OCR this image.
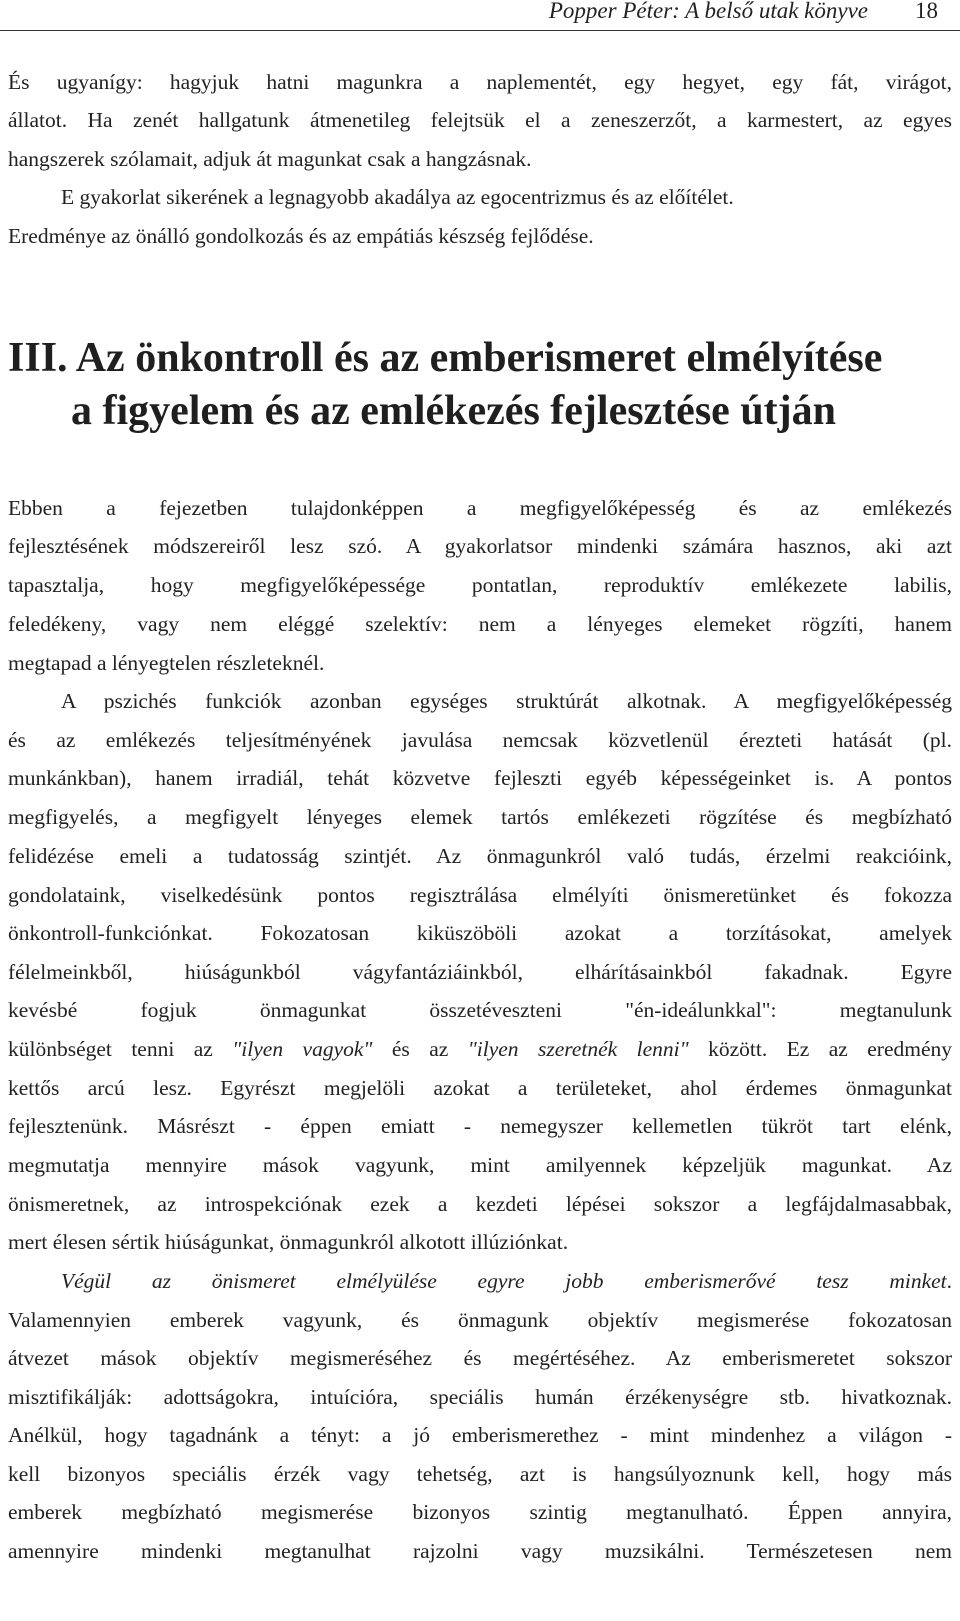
Popper Péter: A belső utak könyve 18
És ugyanígy: hagyjuk hatni magunkra a naplementét, egy hegyet, egy fát, virágot,
állatot. Ha zenét hallgatunk átmenetileg felejtsük el a zeneszerzőt, a karmestert, az egyes
hangszerek szólamait, adjuk át magunkat csak a hangzásnak.
E gyakorlat sikerének a legnagyobb akadálya az egocentrizmus és az előítélet.
Eredménye az önálló gondolkozás és az empátiás készség fejlődése.
III. Az önkontroll és az emberismeret elmélyítése
a figyelem és az emlékezés fejlesztése útján
Ebben a fejezetben tulajdonképpen a megfigyelőképesség és az emlékezés
fejlesztésének módszereiről lesz szó. A gyakorlatsor mindenki számára hasznos, aki azt
tapasztalja, hogy megfigyelőképessége pontatlan, reproduktív emlékezete labilis,
feledékeny, vagy nem eléggé szelektív: nem a lényeges elemeket rögzíti, hanem
megtapad a lényegtelen részleteknél.
A pszichés funkciók azonban egységes struktúrát alkotnak. A megfigyelőképesség
és az emlékezés teljesítményének javulása nemcsak közvetlenül érezteti hatását (pl.
munkánkban), hanem irradiál, tehát közvetve fejleszti egyéb képességeinket is. A pontos
megfigyelés, a megfigyelt lényeges elemek tartós emlékezeti rögzítése és megbízható
felidézése emeli a tudatosság szintjét. Az önmagunkról való tudás, érzelmi reakcióink,
gondolataink, viselkedésünk pontos regisztrálása elmélyíti önismeretünket és fokozza
önkontroll-funkciónkat. Fokozatosan kiküszöböli azokat a torzításokat, amelyek
félelmeinkből, hiúságunkból vágyfantáziáinkból, elhárításainkból fakadnak. Egyre
kevésbé fogjuk önmagunkat összetéveszteni "én-ideálunkkal": megtanulunk
különbséget tenni az "ilyen vagyok" és az "ilyen szeretnék lenni" között. Ez az eredmény
kettős arcú lesz. Egyrészt megjelöli azokat a területeket, ahol érdemes önmagunkat
fejlesztenünk. Másrészt - éppen emiatt - nemegyszer kellemetlen tükröt tart elénk,
megmutatja mennyire mások vagyunk, mint amilyennek képzeljük magunkat. Az
önismeretnek, az introspekciónak ezek a kezdeti lépései sokszor a legfájdalmasabbak,
mert élesen sértik hiúságunkat, önmagunkról alkotott illúziónkat.
Végül az önismeret elmélyülése egyre jobb emberismerővé tesz minket.
Valamennyien emberek vagyunk, és önmagunk objektív megismerése fokozatosan
átvezet mások objektív megismeréséhez és megértéséhez. Az emberismeretet sokszor
misztifikálják: adottságokra, intuícióra, speciális humán érzékenységre stb. hivatkoznak.
Anélkül, hogy tagadnánk a tényt: a jó emberismerethez - mint mindenhez a világon -
kell bizonyos speciális érzék vagy tehetség, azt is hangsúlyoznunk kell, hogy más
emberek megbízható megismerése bizonyos szintig megtanulható. Éppen annyira,
amennyire mindenki megtanulhat rajzolni vagy muzsikálni. Természetesen nem
